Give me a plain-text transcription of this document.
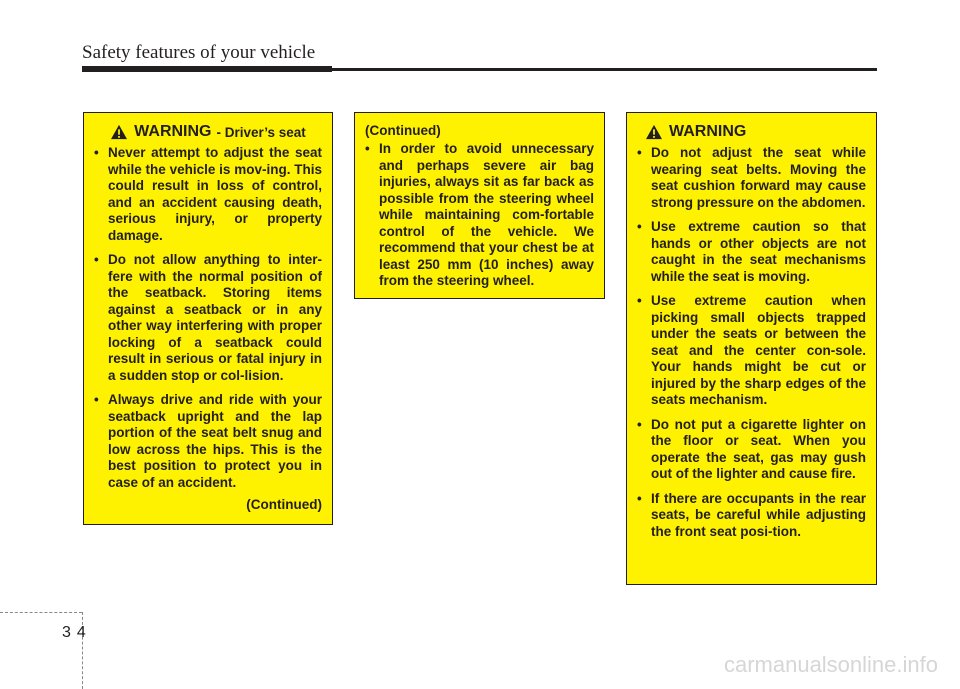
Safety features of your vehicle
WARNING - Driver’s seat
• Never attempt to adjust the seat while the vehicle is mov-ing. This could result in loss of control, and an accident causing death, serious injury, or property damage.
• Do not allow anything to inter-fere with the normal position of the seatback. Storing items against a seatback or in any other way interfering with proper locking of a seatback could result in serious or fatal injury in a sudden stop or col-lision.
• Always drive and ride with your seatback upright and the lap portion of the seat belt snug and low across the hips. This is the best position to protect you in case of an accident.
(Continued)
(Continued)
• In order to avoid unnecessary and perhaps severe air bag injuries, always sit as far back as possible from the steering wheel while maintaining com-fortable control of the vehicle. We recommend that your chest be at least 250 mm (10 inches) away from the steering wheel.
WARNING
• Do not adjust the seat while wearing seat belts. Moving the seat cushion forward may cause strong pressure on the abdomen.
• Use extreme caution so that hands or other objects are not caught in the seat mechanisms while the seat is moving.
• Use extreme caution when picking small objects trapped under the seats or between the seat and the center con-sole. Your hands might be cut or injured by the sharp edges of the seats mechanism.
• Do not put a cigarette lighter on the floor or seat. When you operate the seat, gas may gush out of the lighter and cause fire.
• If there are occupants in the rear seats, be careful while adjusting the front seat posi-tion.
34
carmanualsonline.info
